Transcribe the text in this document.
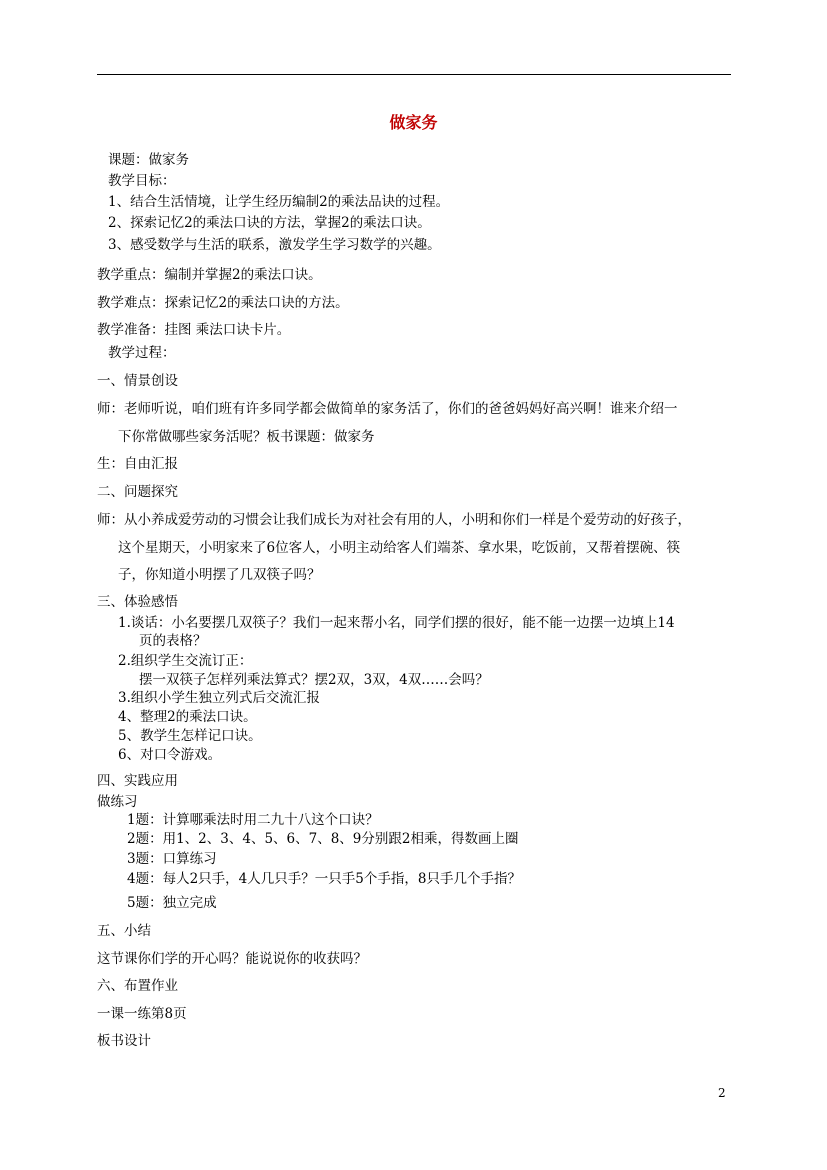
做家务
课题：做家务
教学目标：
1、结合生活情境，让学生经历编制2的乘法品诀的过程。
2、探索记忆2的乘法口诀的方法，掌握2的乘法口诀。
3、感受数学与生活的联系，激发学生学习数学的兴趣。
教学重点：编制并掌握2的乘法口诀。
教学难点：探索记忆2的乘法口诀的方法。
教学准备：挂图 乘法口诀卡片。
教学过程：
一、情景创设
师：老师听说，咱们班有许多同学都会做简单的家务活了，你们的爸爸妈妈好高兴啊！谁来介绍一
下你常做哪些家务活呢？板书课题：做家务
生：自由汇报
二、问题探究
师：从小养成爱劳动的习惯会让我们成长为对社会有用的人，小明和你们一样是个爱劳动的好孩子，
这个星期天，小明家来了6位客人，小明主动给客人们端茶、拿水果，吃饭前，又帮着摆碗、筷
子，你知道小明摆了几双筷子吗？
三、体验感悟
1.谈话：小名要摆几双筷子？我们一起来帮小名，同学们摆的很好，能不能一边摆一边填上14
页的表格？
2.组织学生交流订正：
摆一双筷子怎样列乘法算式？摆2双，3双，4双……会吗？
3.组织小学生独立列式后交流汇报
4、整理2的乘法口诀。
5、教学生怎样记口诀。
6、对口令游戏。
四、实践应用
做练习
1题：计算哪乘法时用二九十八这个口诀？
2题：用1、2、3、4、5、6、7、8、9分别跟2相乘，得数画上圈
3题：口算练习
4题：每人2只手，4人几只手？一只手5个手指，8只手几个手指？
5题：独立完成
五、小结
这节课你们学的开心吗？能说说你的收获吗？
六、布置作业
一课一练第8页
板书设计
2
